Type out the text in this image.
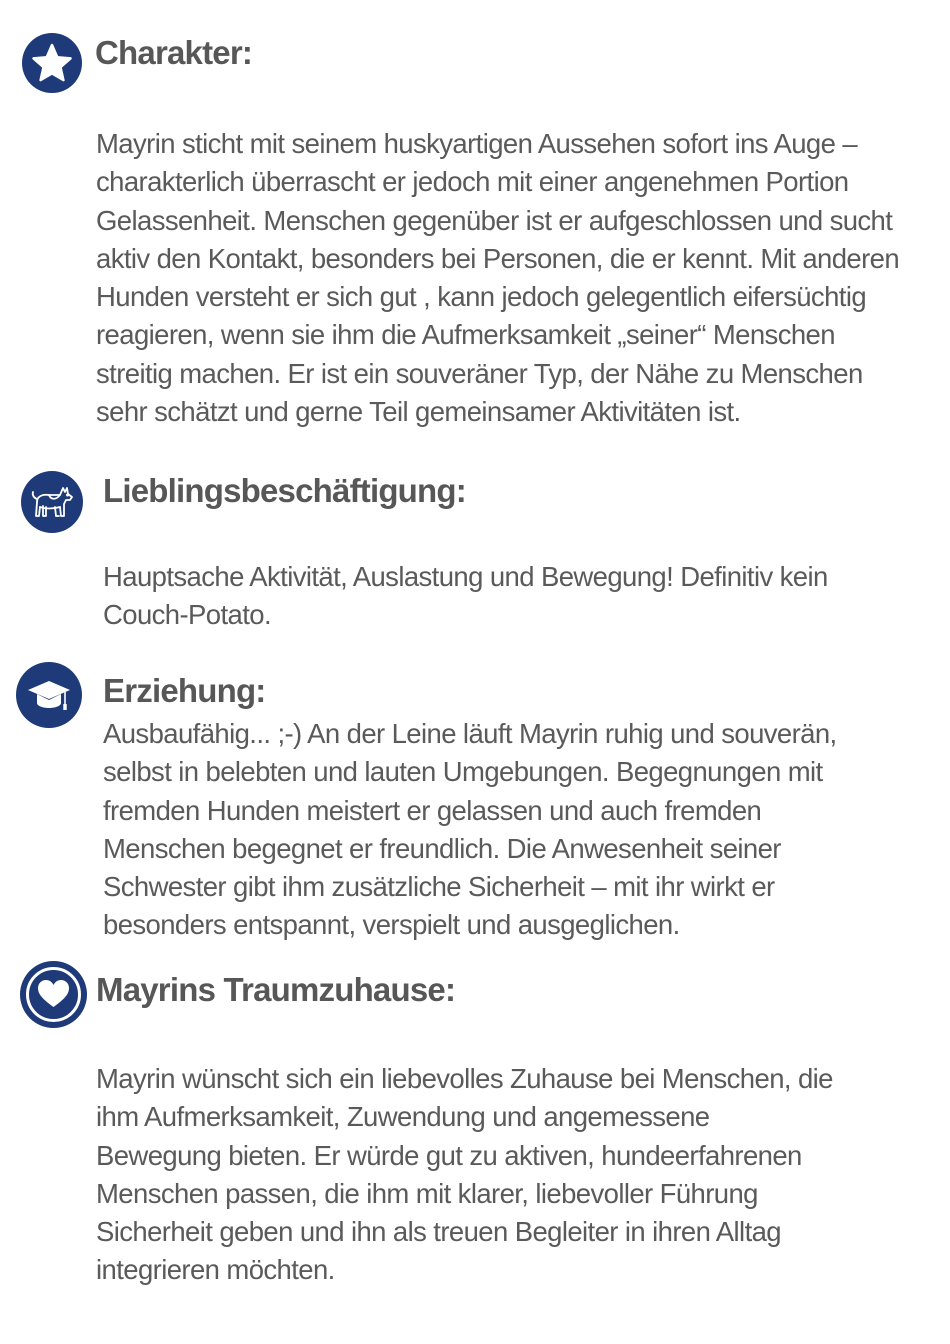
Charakter:
Mayrin sticht mit seinem huskyartigen Aussehen sofort ins Auge –
charakterlich überrascht er jedoch mit einer angenehmen Portion
Gelassenheit. Menschen gegenüber ist er aufgeschlossen und sucht
aktiv den Kontakt, besonders bei Personen, die er kennt. Mit anderen
Hunden versteht er sich gut , kann jedoch gelegentlich eifersüchtig
reagieren, wenn sie ihm die Aufmerksamkeit „seiner“ Menschen
streitig machen. Er ist ein souveräner Typ, der Nähe zu Menschen
sehr schätzt und gerne Teil gemeinsamer Aktivitäten ist.
Lieblingsbeschäftigung:
Hauptsache Aktivität, Auslastung und Bewegung! Definitiv kein
Couch-Potato.
Erziehung:
Ausbaufähig... ;-) An der Leine läuft Mayrin ruhig und souverän,
selbst in belebten und lauten Umgebungen. Begegnungen mit
fremden Hunden meistert er gelassen und auch fremden
Menschen begegnet er freundlich. Die Anwesenheit seiner
Schwester gibt ihm zusätzliche Sicherheit – mit ihr wirkt er
besonders entspannt, verspielt und ausgeglichen.
Mayrins Traumzuhause:
Mayrin wünscht sich ein liebevolles Zuhause bei Menschen, die
ihm Aufmerksamkeit, Zuwendung und angemessene
Bewegung bieten. Er würde gut zu aktiven, hundeerfahrenen
Menschen passen, die ihm mit klarer, liebevoller Führung
Sicherheit geben und ihn als treuen Begleiter in ihren Alltag
integrieren möchten.
